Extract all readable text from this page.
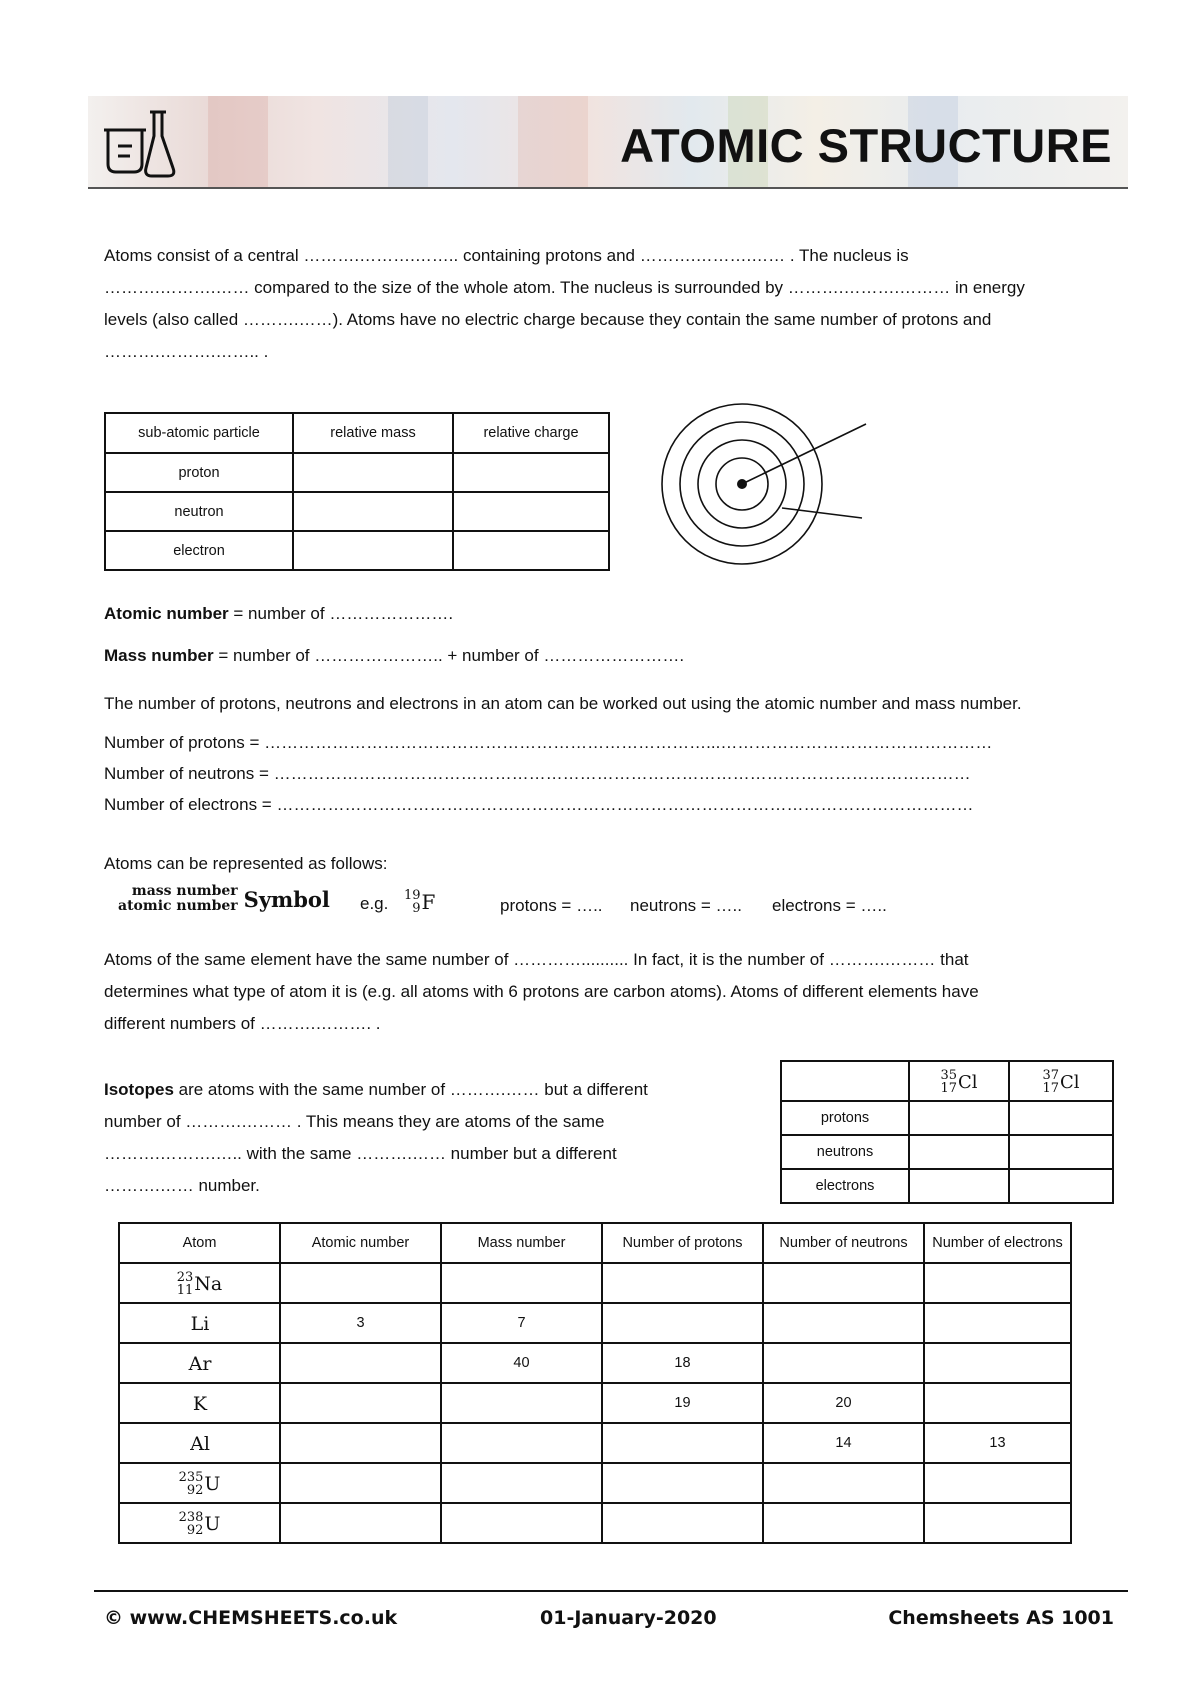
ATOMIC STRUCTURE
Atoms consist of a central ……….……….…….. containing protons and ……….……….…… . The nucleus is
……….……….…… compared to the size of the whole atom. The nucleus is surrounded by ……….……….……… in energy
levels (also called ……….……). Atoms have no electric charge because they contain the same number of protons and
……….……….…….. .
sub-atomic particle	relative mass	relative charge
proton		
neutron		
electron		
Atomic number = number of ………………….
Mass number = number of ………………….. + number of …………………….
The number of protons, neutrons and electrons in an atom can be worked out using the atomic number and mass number.
Number of protons = ……………………………………………………………………...…………………………………………
Number of neutrons = ……………………………………………………………………………………………………………
Number of electrons = ……………………………………………………………………………………………………………
Atoms can be represented as follows:
mass number
atomic number Symbol e.g. 19
9 F	protons = ….. neutrons = ….. electrons = …..
Atoms of the same element have the same number of ………….......... In fact, it is the number of ……….……… that
determines what type of atom it is (e.g. all atoms with 6 protons are carbon atoms). Atoms of different elements have
different numbers of ……….………. .
Isotopes are atoms with the same number of ……….…… but a different
number of ……….……… . This means they are atoms of the same
……….……….….. with the same ……….…… number but a different
……….…… number.

	35
17 Cl	37
17 Cl

protons		
neutrons		
electrons		
Atom	Atomic number	Mass number	Number of protons	Number of neutrons	Number of electrons

23
11 Na					

Li	3	7			

Ar		40	18		

K			19	20	

Al				14	13

235
92 U					

238
92 U					

© www.CHEMSHEETS.co.uk	01-January-2020	Chemsheets AS 1001
